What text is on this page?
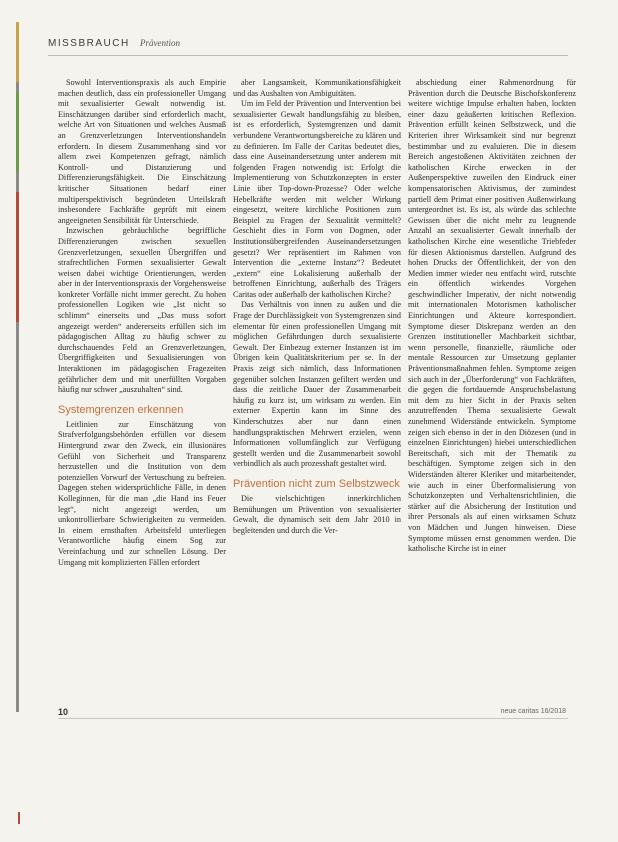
MISSBRAUCH Prävention

Sowohl Interventionspraxis als auch Empirie machen deutlich, dass ein professioneller Umgang mit sexualisierter Gewalt notwendig ist. Einschätzungen darüber sind erforderlich macht, welche Art von Situationen und welches Ausmaß an Grenzverletzungen Interventionshandeln erfordern. In diesem Zusammenhang sind vor allem zwei Kompetenzen gefragt, nämlich Kontroll- und Distanzierung und Differenzierungsfähigkeit. Die Einschätzung kritischer Situationen bedarf einer multiperspektivisch begründeten Urteilskraft insbesondere Fachkräfte geprüft mit einem angeeigneten Sensibilität für Unterschiede.

Inzwischen gebräuchliche begriffliche Differenzierungen zwischen sexuellen Grenzverletzungen, sexuellen Übergriffen und strafrechtlichen Formen sexualisierter Gewalt weisen dabei wichtige Orientierungen, werden aber in der Interventionspraxis der Vorgehensweise konkreter Vorfälle nicht immer gerecht. Zu hohen professionellen Logiken wie „Ist nicht so schlimm“ einerseits und „Das muss sofort angezeigt werden“ andererseits erfüllen sich im pädagogischen Alltag zu häufig schwer zu durchschauendes Feld an Grenzverletzungen, Übergriffigkeiten und Sexualisierungen von Interaktionen im pädagogischen Fragezeiten gefährlicher dem und mit unerfüllten Vorgaben häufig nur schwer „auszuhalten“ sind.

Systemgrenzen erkennen

Leitlinien zur Einschätzung von Strafverfolgungsbehörden erfüllen vor diesem Hintergrund zwar den Zweck, ein illusionäres Gefühl von Sicherheit und Transparenz herzustellen und die Institution von dem potenziellen Vorwurf der Vertuschung zu befreien. Dagegen stehen widersprüchliche Fälle, in denen Kolleginnen, für die man „die Hand ins Feuer legt“, nicht angezeigt werden, um unkontrollierbare Schwierigkeiten zu vermeiden. In einem ernsthaften Arbeitsfeld unterliegen Verantwortliche häufig einem Sog zur Vereinfachung und zur schnellen Lösung. Der Umgang mit komplizierten Fällen erfordert

aber Langsamkeit, Kommunikationsfähigkeit und das Aushalten von Ambiguitäten.

Um im Feld der Prävention und Intervention bei sexualisierter Gewalt handlungsfähig zu bleiben, ist es erforderlich, Systemgrenzen und damit verbundene Verantwortungsbereiche zu klären und zu definieren. Im Falle der Caritas bedeutet dies, dass eine Auseinandersetzung unter anderem mit folgenden Fragen notwendig ist: Erfolgt die Implementierung von Schutzkonzepten in erster Linie über Top-down-Prozesse? Oder welche Hebelkräfte werden mit welcher Wirkung eingesetzt, weitere kirchliche Positionen zum Beispiel zu Fragen der Sexualität vermittelt? Geschieht dies in Form von Dogmen, oder Institutionsübergreifenden Auseinandersetzungen gesetzt? Wer repräsentiert im Rahmen von Intervention die „externe Instanz“? Bedeutet „extern“ eine Lokalisierung außerhalb der betroffenen Einrichtung, außerhalb des Trägers Caritas oder außerhalb der katholischen Kirche?

Das Verhältnis von innen zu außen und die Frage der Durchlässigkeit von Systemgrenzen sind elementar für einen professionellen Umgang mit möglichen Gefährdungen durch sexualisierte Gewalt. Der Einbezug externer Instanzen ist im Übrigen kein Qualitätskriterium per se. In der Praxis zeigt sich nämlich, dass Informationen gegenüber solchen Instanzen gefiltert werden und dass die zeitliche Dauer der Zusammenarbeit häufig zu kurz ist, um wirksam zu werden. Ein externer Expertin kann im Sinne des Kinderschutzes aber nur dann einen handlungspraktischen Mehrwert erzielen, wenn Informationen vollumfänglich zur Verfügung gestellt werden und die Zusammenarbeit sowohl verbindlich als auch prozesshaft gestaltet wird.

Prävention nicht zum Selbstzweck

Die vielschichtigen innerkirchlichen Bemühungen um Prävention von sexualisierter Gewalt, die dynamisch seit dem Jahr 2010 in begleitenden und durch die Ver-

abschiedung einer Rahmenordnung für Prävention durch die Deutsche Bischofskonferenz weitere wichtige Impulse erhalten haben, lockten einer dazu geäußerten kritischen Reflexion. Prävention erfüllt keinen Selbstzweck, und die Kriterien ihrer Wirksamkeit sind nur begrenzt bestimmbar und zu evaluieren. Die in diesem Bereich angestoßenen Aktivitäten zeichnen der katholischen Kirche erwecken in der Außenperspektive zuweilen den Eindruck einer kompensatorischen Aktivismus, der zumindest partiell dem Primat einer positiven Außenwirkung untergeordnet ist. Es ist, als würde das schlechte Gewissen über die nicht mehr zu leugnende Anzahl an sexualisierter Gewalt innerhalb der katholischen Kirche eine wesentliche Triebfeder für diesen Aktionismus darstellen. Aufgrund des hohen Drucks der Öffentlichkeit, der von den Medien immer wieder neu entfacht wird, rutschte ein öffentlich wirkendes Vorgehen geschwindlicher Imperativ, der nicht notwendig mit internationalen Motorismen katholischer Einrichtungen und Akteure korrespondiert. Symptome dieser Diskrepanz werden an den Grenzen institutioneller Machbarkeit sichtbar, wenn personelle, finanzielle, räumliche oder mentale Ressourcen zur Umsetzung geplanter Präventionsmaßnahmen fehlen. Symptome zeigen sich auch in der „Überforderung“ von Fachkräften, die gegen die fortdauernde Anspruchsbelastung mit dem zu hier Sicht in der Praxis selten anzutreffenden Thema sexualisierte Gewalt zunehmend Widerstände entwickeln. Symptome zeigen sich ebenso in der in den Diözesen (und in einzelnen Einrichtungen) hiebei unterschiedlichen Bereitschaft, sich mit der Thematik zu beschäftigen. Symptome zeigen sich in den Widerständen älterer Kleriker und mitarbeitender, wie auch in einer Überformalisierung von Schutzkonzepten und Verhaltensrichtlinien, die stärker auf die Absicherung der Institution und ihrer Personals als auf einen wirksamen Schutz von Mädchen und Jungen hinweisen. Diese Symptome müssen ernst genommen werden. Die katholische Kirche ist in einer

10	neue caritas 16/2018
